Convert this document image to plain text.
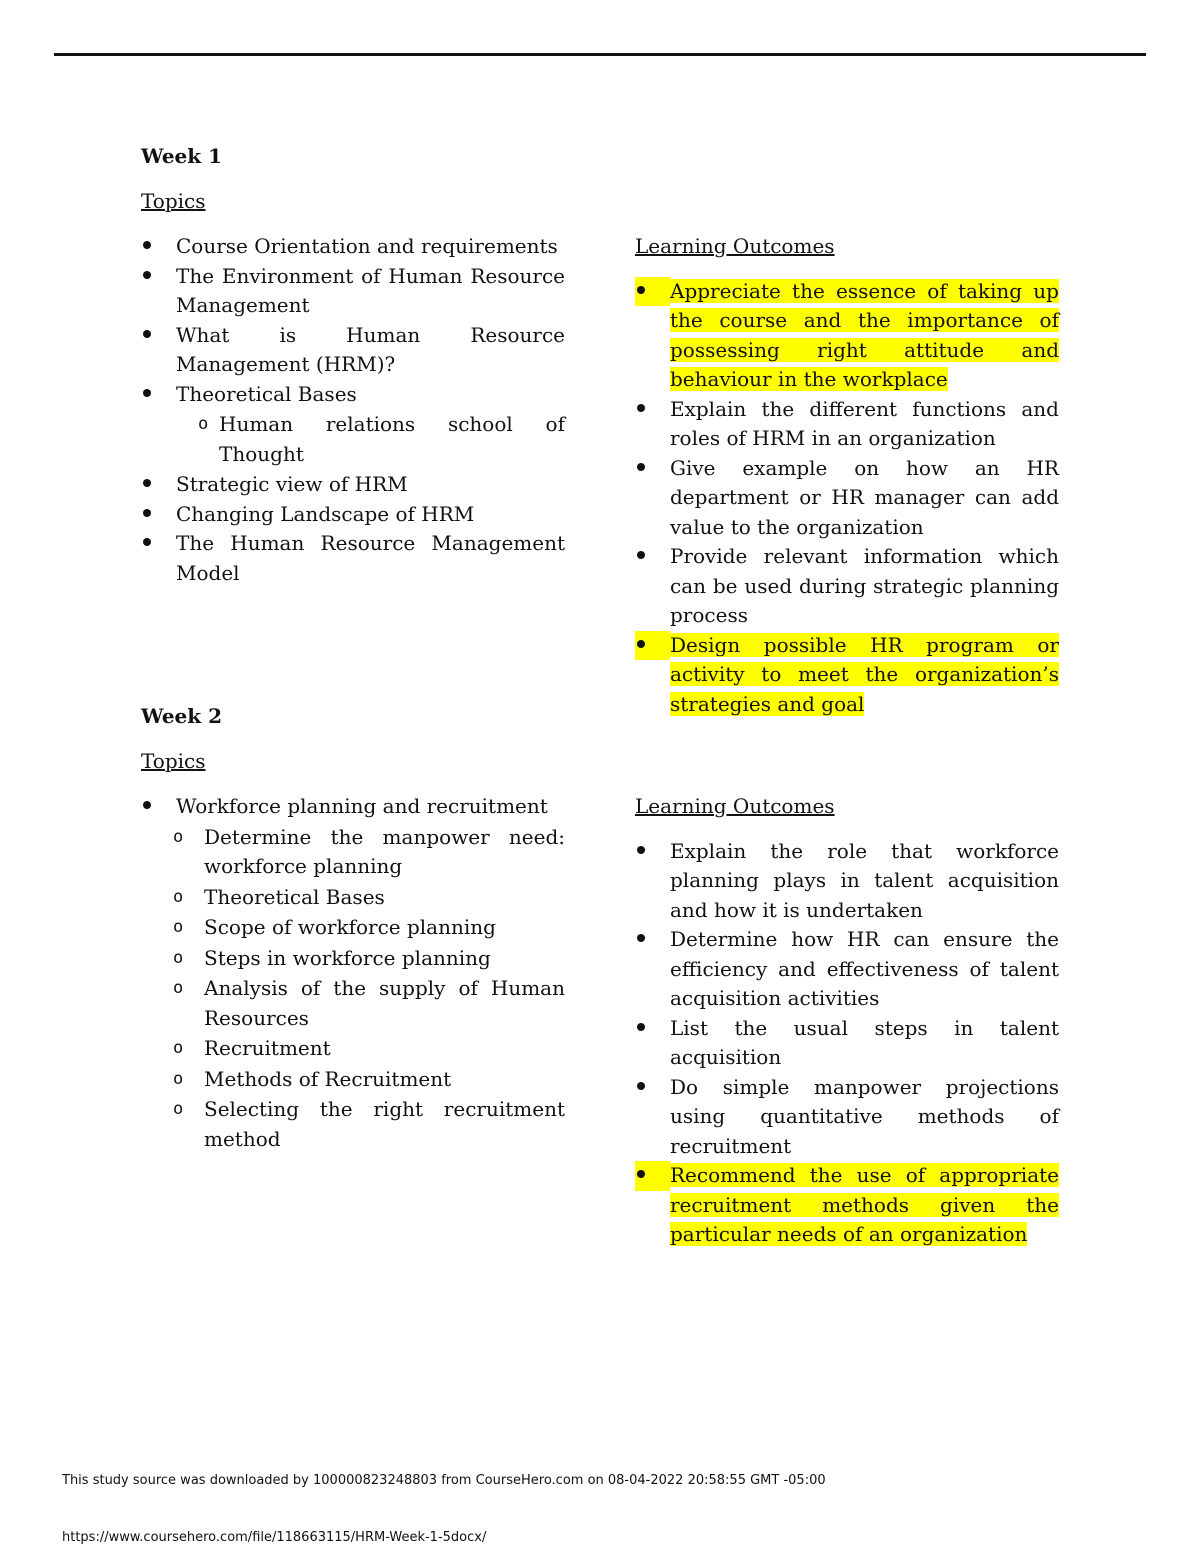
Week 1
Topics
Course Orientation and requirements
The Environment of Human Resource Management
What is Human Resource Management (HRM)?
Theoretical Bases
o Human relations school of Thought
Strategic view of HRM
Changing Landscape of HRM
The Human Resource Management Model
Learning Outcomes
Appreciate the essence of taking up the course and the importance of possessing right attitude and behaviour in the workplace
Explain the different functions and roles of HRM in an organization
Give example on how an HR department or HR manager can add value to the organization
Provide relevant information which can be used during strategic planning process
Design possible HR program or activity to meet the organization’s strategies and goal
Week 2
Topics
Workforce planning and recruitment
o Determine the manpower need: workforce planning
o Theoretical Bases
o Scope of workforce planning
o Steps in workforce planning
o Analysis of the supply of Human Resources
o Recruitment
o Methods of Recruitment
o Selecting the right recruitment method
Learning Outcomes
Explain the role that workforce planning plays in talent acquisition and how it is undertaken
Determine how HR can ensure the efficiency and effectiveness of talent acquisition activities
List the usual steps in talent acquisition
Do simple manpower projections using quantitative methods of recruitment
Recommend the use of appropriate recruitment methods given the particular needs of an organization
This study source was downloaded by 100000823248803 from CourseHero.com on 08-04-2022 20:58:55 GMT -05:00
https://www.coursehero.com/file/118663115/HRM-Week-1-5docx/
